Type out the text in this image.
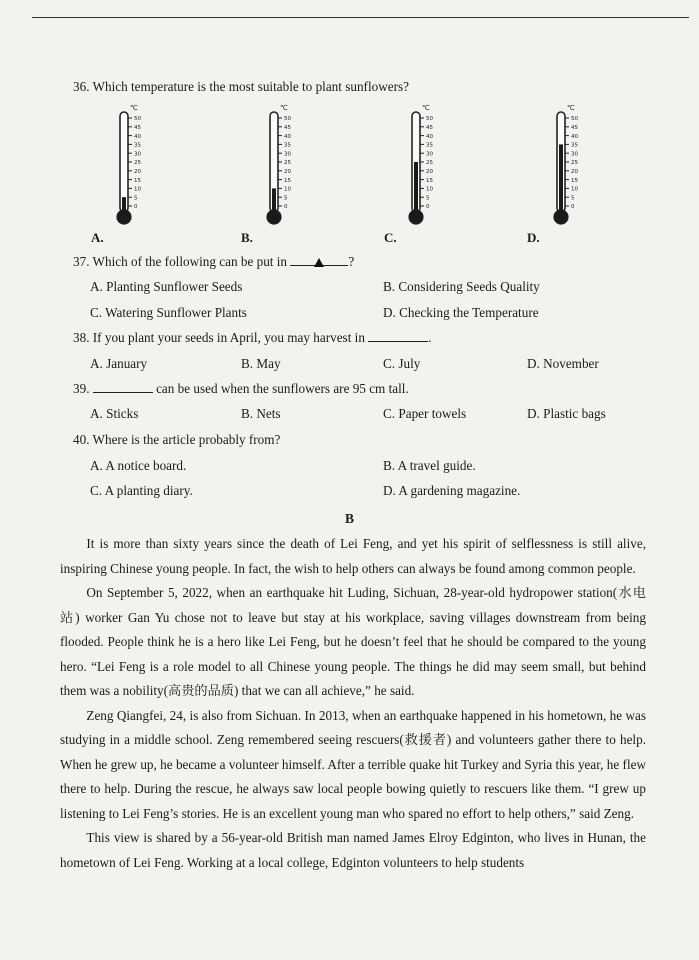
36. Which temperature is the most suitable to plant sunflowers?
50
45
40
35
30
25
20
15
10
5
0
℃
50
45
40
35
30
25
20
15
10
5
0
℃
50
45
40
35
30
25
20
15
10
5
0
℃
50
45
40
35
30
25
20
15
10
5
0
℃
A.	B.	C.	D.
37. Which of the following can be put in	?
A. Planting Sunflower Seeds	B. Considering Seeds Quality
C. Watering Sunflower Plants	D. Checking the Temperature
38. If you plant your seeds in April, you may harvest in	.
A. January	B. May	C. July	D. November
39.	can be used when the sunflowers are 95 cm tall.
A. Sticks	B. Nets	C. Paper towels	D. Plastic bags
40. Where is the article probably from?
A. A notice board.	B. A travel guide.
C. A planting diary.	D. A gardening magazine.
B

It is more than sixty years since the death of Lei Feng, and yet his spirit of selflessness is still alive, inspiring Chinese young people. In fact, the wish to help others can always be found among common people.

On September 5, 2022, when an earthquake hit Luding, Sichuan, 28-year-old hydropower station(水电站) worker Gan Yu chose not to leave but stay at his workplace, saving villages downstream from being flooded. People think he is a hero like Lei Feng, but he doesn’t feel that he should be compared to the young hero. “Lei Feng is a role model to all Chinese young people. The things he did may seem small, but behind them was a nobility(高贵的品质) that we can all achieve,” he said.

Zeng Qiangfei, 24, is also from Sichuan. In 2013, when an earthquake happened in his hometown, he was studying in a middle school. Zeng remembered seeing rescuers(救援者) and volunteers gather there to help. When he grew up, he became a volunteer himself. After a terrible quake hit Turkey and Syria this year, he flew there to help. During the rescue, he always saw local people bowing quietly to rescuers like them. “I grew up listening to Lei Feng’s stories. He is an excellent young man who spared no effort to help others,” said Zeng.

This view is shared by a 56-year-old British man named James Elroy Edginton, who lives in Hunan, the hometown of Lei Feng. Working at a local college, Edginton volunteers to help students
